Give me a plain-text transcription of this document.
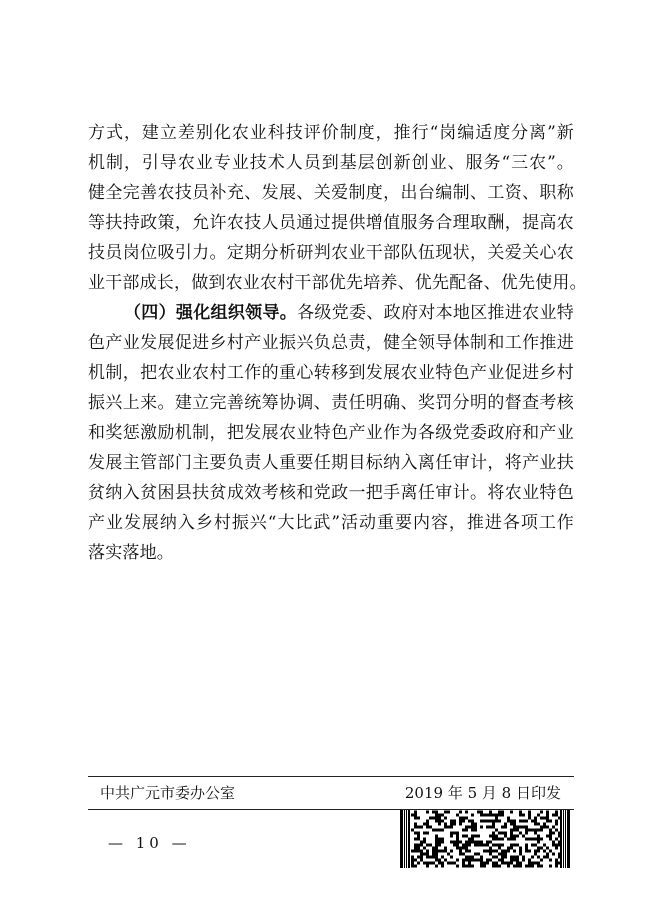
方式，建立差别化农业科技评价制度，推行“岗编适度分离”新
机制，引导农业专业技术人员到基层创新创业、服务“三农”。
健全完善农技员补充、发展、关爱制度，出台编制、工资、职称
等扶持政策，允许农技人员通过提供增值服务合理取酬，提高农
技员岗位吸引力。定期分析研判农业干部队伍现状，关爱关心农
业干部成长，做到农业农村干部优先培养、优先配备、优先使用。
（四）强化组织领导。各级党委、政府对本地区推进农业特
色产业发展促进乡村产业振兴负总责，健全领导体制和工作推进
机制，把农业农村工作的重心转移到发展农业特色产业促进乡村
振兴上来。建立完善统筹协调、责任明确、奖罚分明的督查考核
和奖惩激励机制，把发展农业特色产业作为各级党委政府和产业
发展主管部门主要负责人重要任期目标纳入离任审计，将产业扶
贫纳入贫困县扶贫成效考核和党政一把手离任审计。将农业特色
产业发展纳入乡村振兴“大比武”活动重要内容，推进各项工作
落实落地。
中共广元市委办公室	2019 年 5 月 8 日印发
— 10 —
